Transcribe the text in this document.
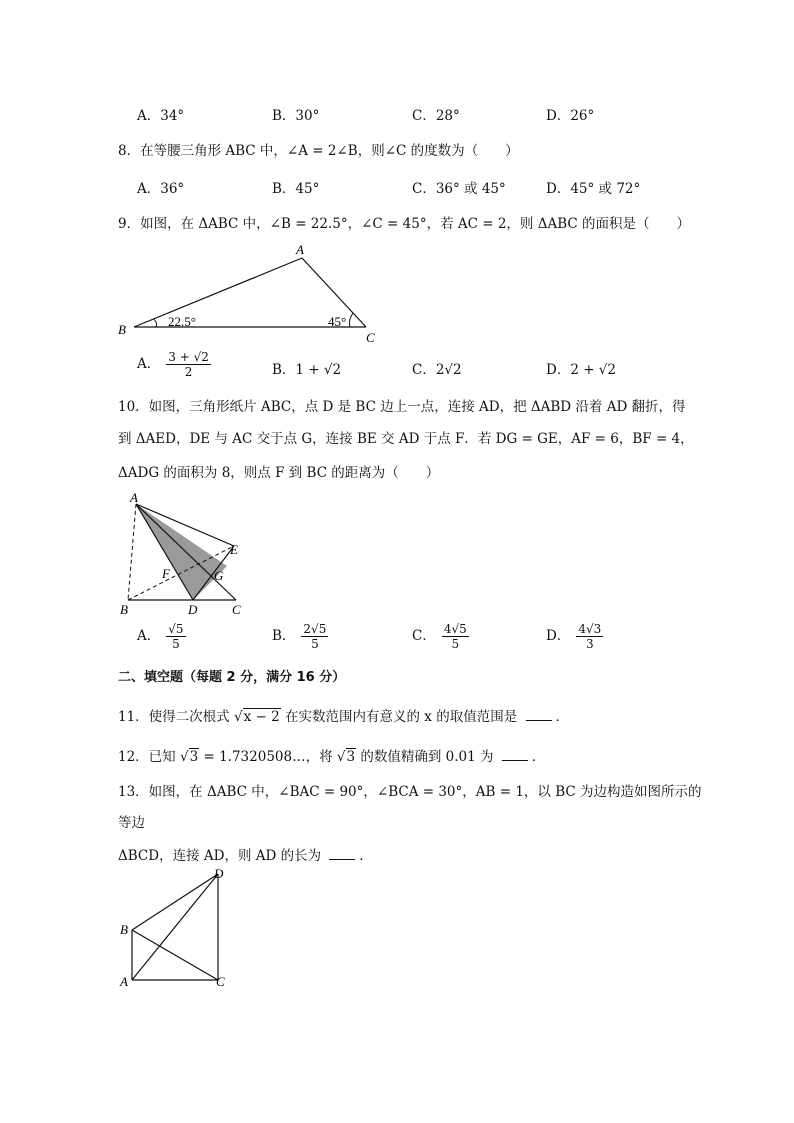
A．34°	B．30°	C．28°	D．26°
8．在等腰三角形 ABC 中，∠A = 2∠B，则∠C 的度数为（　　）
A．36°	B．45°	C．36° 或 45°	D．45° 或 72°
9．如图，在 ΔABC 中，∠B = 22.5°，∠C = 45°，若 AC = 2，则 ΔABC 的面积是（　　）
A
B
C
22.5°	45°
A． $\frac{3 + √2}{2}$	B．1 + √2	C．2√2	D．2 + √2
10．如图，三角形纸片 ABC，点 D 是 BC 边上一点，连接 AD，把 ΔABD 沿着 AD 翻折，得
到 ΔAED，DE 与 AC 交于点 G，连接 BE 交 AD 于点 F．若 DG = GE，AF = 6，BF = 4，
ΔADG 的面积为 8，则点 F 到 BC 的距离为（　　）
A
B	C
D
E
F	G
A． $\frac{√5}{5}$	B． $\frac{2√5}{5}$	C． $\frac{4√5}{5}$	D． $\frac{4√3}{3}$
二、填空题（每题 2 分，满分 16 分）
11．使得二次根式 √x − 2 在实数范围内有意义的 x 的取值范围是	．
12．已知 √3 = 1.7320508…，将 √3 的数值精确到 0.01 为	．
13．如图，在 ΔABC 中，∠BAC = 90°，∠BCA = 30°，AB = 1，以 BC 为边构造如图所示的
等边
ΔBCD，连接 AD，则 AD 的长为	．
B
A	C
D
